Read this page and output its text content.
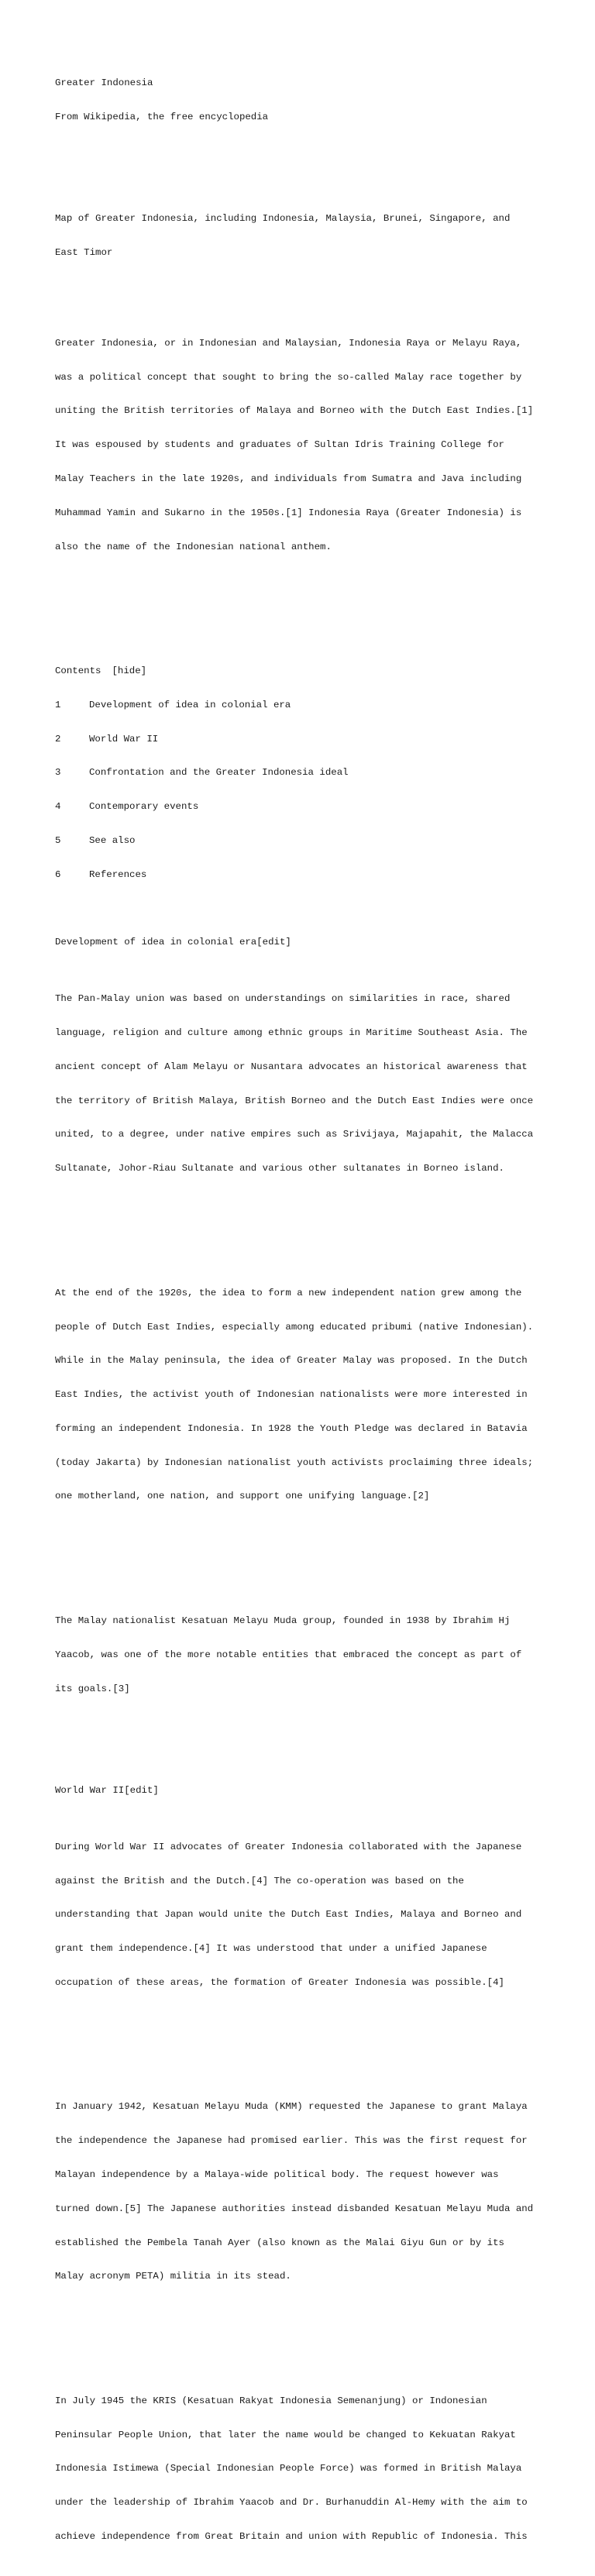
Greater Indonesia

From Wikipedia, the free encyclopedia

Map of Greater Indonesia, including Indonesia, Malaysia, Brunei, Singapore, and

East Timor

Greater Indonesia, or in Indonesian and Malaysian, Indonesia Raya or Melayu Raya,

was a political concept that sought to bring the so-called Malay race together by

uniting the British territories of Malaya and Borneo with the Dutch East Indies.[1]

It was espoused by students and graduates of Sultan Idris Training College for

Malay Teachers in the late 1920s, and individuals from Sumatra and Java including

Muhammad Yamin and Sukarno in the 1950s.[1] Indonesia Raya (Greater Indonesia) is

also the name of the Indonesian national anthem.

Contents [hide]

1	Development of idea in colonial era

2	World War II

3	Confrontation and the Greater Indonesia ideal

4	Contemporary events

5	See also

6	References

Development of idea in colonial era[edit]

The Pan-Malay union was based on understandings on similarities in race, shared

language, religion and culture among ethnic groups in Maritime Southeast Asia. The

ancient concept of Alam Melayu or Nusantara advocates an historical awareness that

the territory of British Malaya, British Borneo and the Dutch East Indies were once

united, to a degree, under native empires such as Srivijaya, Majapahit, the Malacca

Sultanate, Johor-Riau Sultanate and various other sultanates in Borneo island.

At the end of the 1920s, the idea to form a new independent nation grew among the

people of Dutch East Indies, especially among educated pribumi (native Indonesian).

While in the Malay peninsula, the idea of Greater Malay was proposed. In the Dutch

East Indies, the activist youth of Indonesian nationalists were more interested in

forming an independent Indonesia. In 1928 the Youth Pledge was declared in Batavia

(today Jakarta) by Indonesian nationalist youth activists proclaiming three ideals;

one motherland, one nation, and support one unifying language.[2]

The Malay nationalist Kesatuan Melayu Muda group, founded in 1938 by Ibrahim Hj

Yaacob, was one of the more notable entities that embraced the concept as part of

its goals.[3]

World War II[edit]

During World War II advocates of Greater Indonesia collaborated with the Japanese

against the British and the Dutch.[4] The co-operation was based on the

understanding that Japan would unite the Dutch East Indies, Malaya and Borneo and

grant them independence.[4] It was understood that under a unified Japanese

occupation of these areas, the formation of Greater Indonesia was possible.[4]

In January 1942, Kesatuan Melayu Muda (KMM) requested the Japanese to grant Malaya

the independence the Japanese had promised earlier. This was the first request for

Malayan independence by a Malaya-wide political body. The request however was

turned down.[5] The Japanese authorities instead disbanded Kesatuan Melayu Muda and

established the Pembela Tanah Ayer (also known as the Malai Giyu Gun or by its

Malay acronym PETA) militia in its stead.

In July 1945 the KRIS (Kesatuan Rakyat Indonesia Semenanjung) or Indonesian

Peninsular People Union, that later the name would be changed to Kekuatan Rakyat

Indonesia Istimewa (Special Indonesian People Force) was formed in British Malaya

under the leadership of Ibrahim Yaacob and Dr. Burhanuddin Al-Hemy with the aim to

achieve independence from Great Britain and union with Republic of Indonesia. This
